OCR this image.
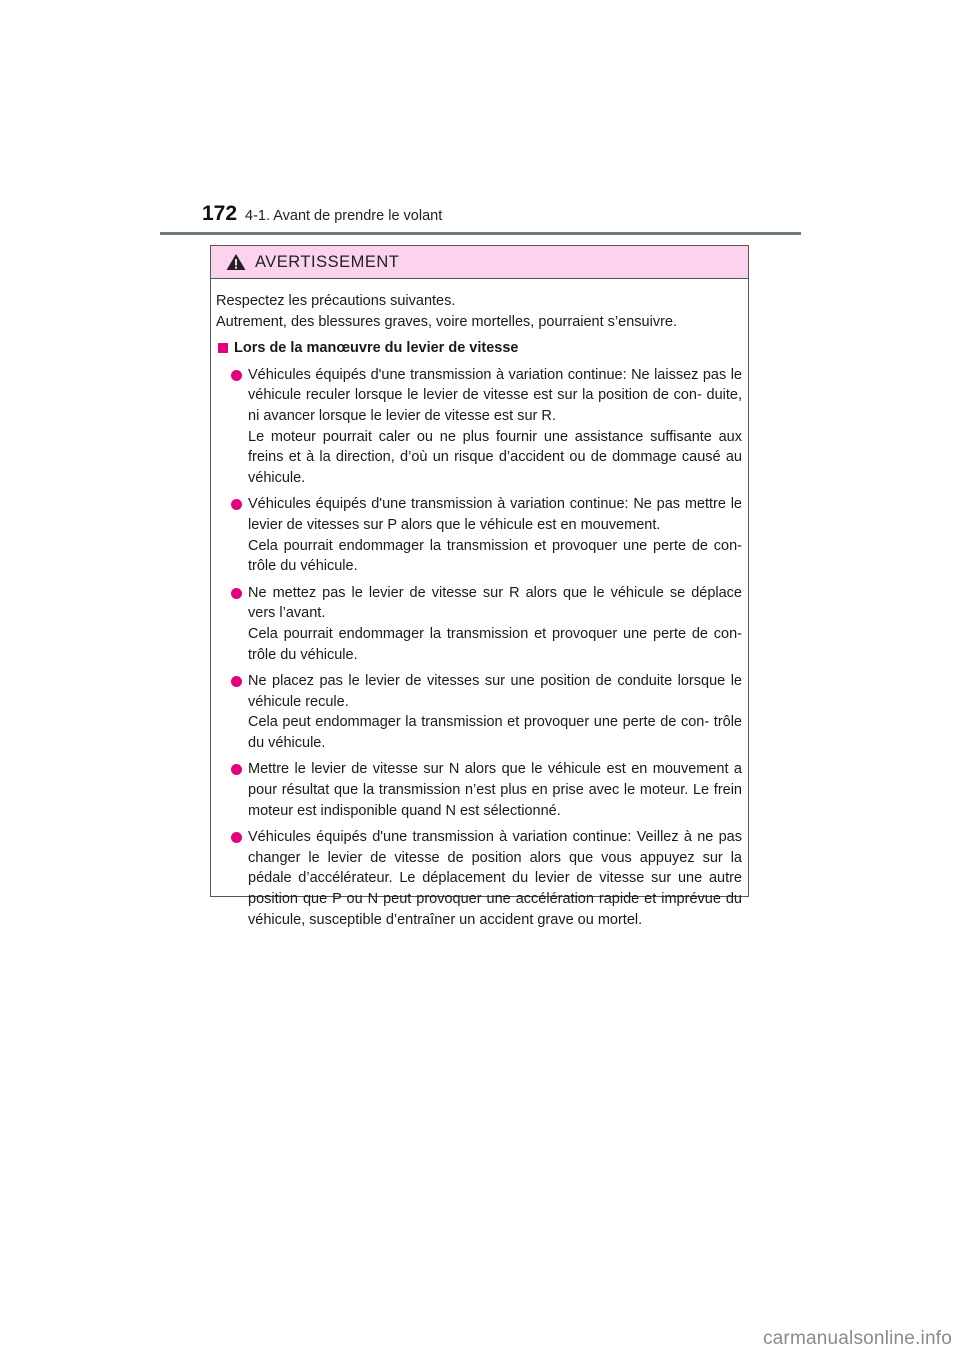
172 4-1. Avant de prendre le volant
AVERTISSEMENT

Respectez les précautions suivantes.

Autrement, des blessures graves, voire mortelles, pourraient s’ensuivre.

Lors de la manœuvre du levier de vitesse

Véhicules équipés d'une transmission à variation continue: Ne laissez pas le véhicule reculer lorsque le levier de vitesse est sur la position de con- duite, ni avancer lorsque le levier de vitesse est sur R.

Le moteur pourrait caler ou ne plus fournir une assistance suffisante aux freins et à la direction, d’où un risque d’accident ou de dommage causé au véhicule.

Véhicules équipés d'une transmission à variation continue: Ne pas mettre le levier de vitesses sur P alors que le véhicule est en mouvement.

Cela pourrait endommager la transmission et provoquer une perte de con- trôle du véhicule.

Ne mettez pas le levier de vitesse sur R alors que le véhicule se déplace vers l’avant.

Cela pourrait endommager la transmission et provoquer une perte de con- trôle du véhicule.

Ne placez pas le levier de vitesses sur une position de conduite lorsque le véhicule recule.

Cela peut endommager la transmission et provoquer une perte de con- trôle du véhicule.

Mettre le levier de vitesse sur N alors que le véhicule est en mouvement a pour résultat que la transmission n’est plus en prise avec le moteur. Le frein moteur est indisponible quand N est sélectionné.

Véhicules équipés d'une transmission à variation continue: Veillez à ne pas changer le levier de vitesse de position alors que vous appuyez sur la pédale d’accélérateur. Le déplacement du levier de vitesse sur une autre position que P ou N peut provoquer une accélération rapide et imprévue du véhicule, susceptible d’entraîner un accident grave ou mortel.

carmanualsonline.info
